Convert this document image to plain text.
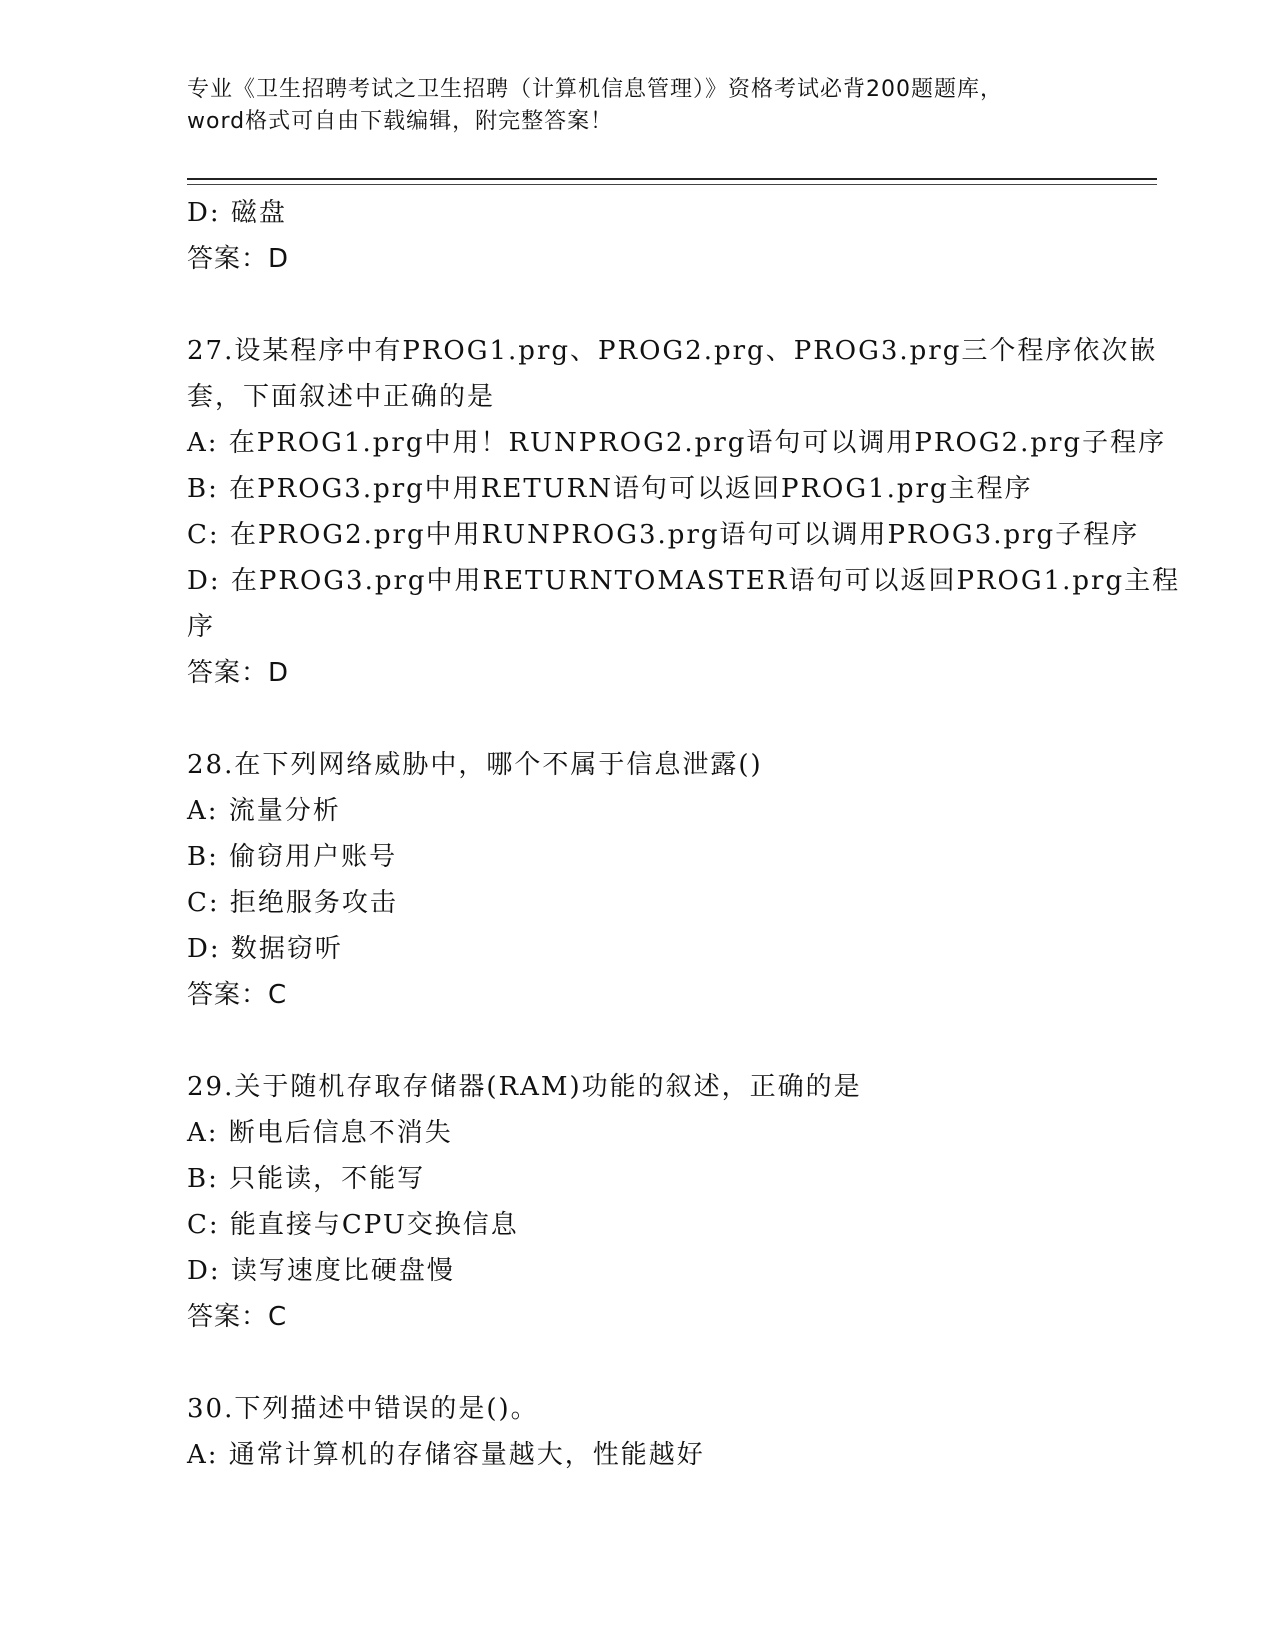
专业《卫生招聘考试之卫生招聘（计算机信息管理）》资格考试必背200题题库，
word格式可自由下载编辑，附完整答案！
D: 磁盘
答案：D
27.设某程序中有PROG1.prg、PROG2.prg、PROG3.prg三个程序依次嵌
套，下面叙述中正确的是
A: 在PROG1.prg中用！RUNPROG2.prg语句可以调用PROG2.prg子程序
B: 在PROG3.prg中用RETURN语句可以返回PROG1.prg主程序
C: 在PROG2.prg中用RUNPROG3.prg语句可以调用PROG3.prg子程序
D: 在PROG3.prg中用RETURNTOMASTER语句可以返回PROG1.prg主程
序
答案：D
28.在下列网络威胁中，哪个不属于信息泄露()
A: 流量分析
B: 偷窃用户账号
C: 拒绝服务攻击
D: 数据窃听
答案：C
29.关于随机存取存储器(RAM)功能的叙述，正确的是
A: 断电后信息不消失
B: 只能读，不能写
C: 能直接与CPU交换信息
D: 读写速度比硬盘慢
答案：C
30.下列描述中错误的是()。
A: 通常计算机的存储容量越大，性能越好
